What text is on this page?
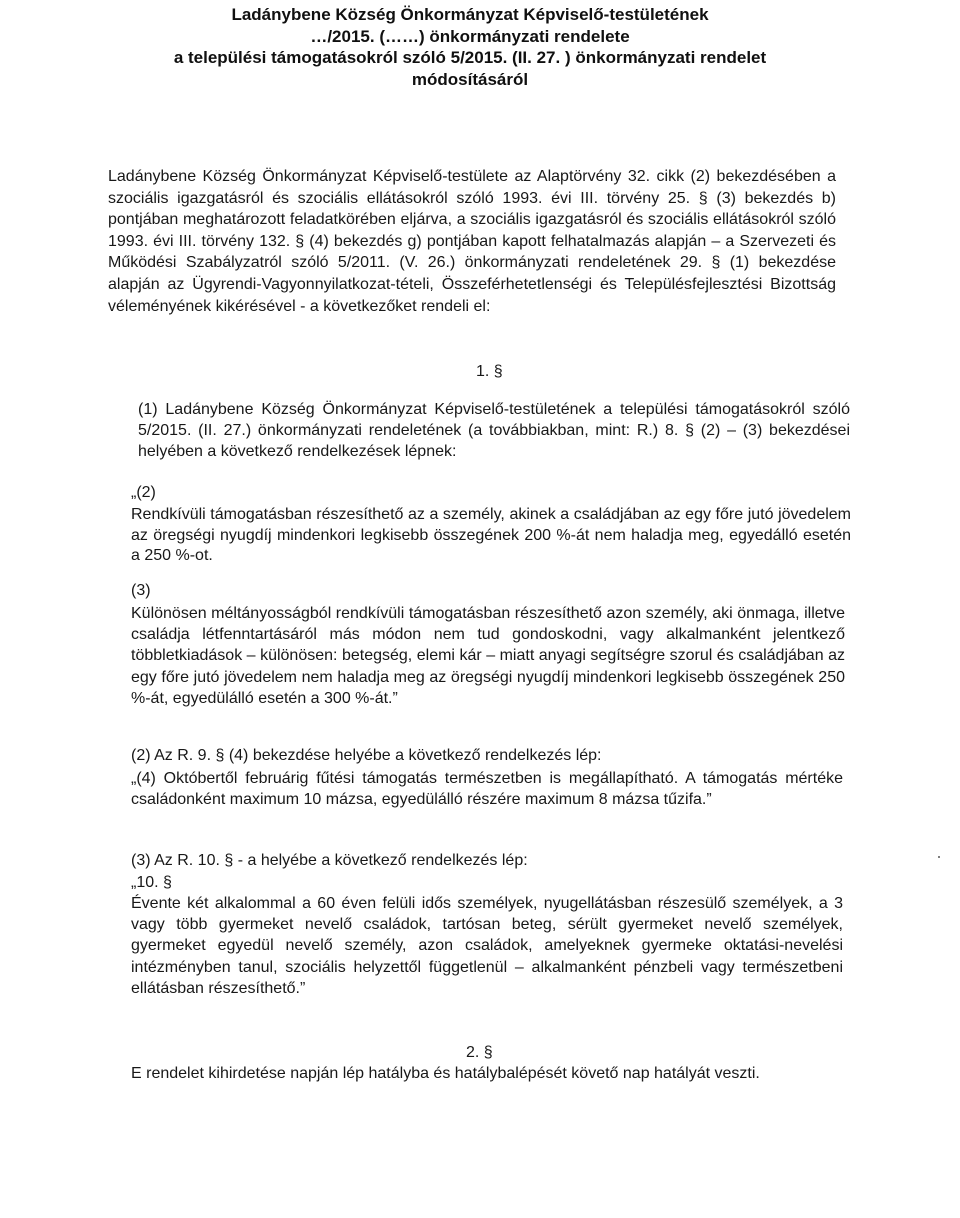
Ladánybene Község Önkormányzat Képviselő-testületének
…/2015. (……) önkormányzati rendelete
a települési támogatásokról szóló 5/2015. (II. 27. ) önkormányzati rendelet
módosításáról
Ladánybene Község Önkormányzat Képviselő-testülete az Alaptörvény 32. cikk (2) bekezdésében a szociális igazgatásról és szociális ellátásokról szóló 1993. évi III. törvény 25. § (3) bekezdés b) pontjában meghatározott feladatkörében eljárva, a szociális igazgatásról és szociális ellátásokról szóló 1993. évi III. törvény 132. § (4) bekezdés g) pontjában kapott felhatalmazás alapján – a Szervezeti és Működési Szabályzatról szóló 5/2011. (V. 26.) önkormányzati rendeletének 29. § (1) bekezdése alapján az Ügyrendi-Vagyonnyilatkozat-tételi, Összeférhetetlenségi és Településfejlesztési Bizottság véleményének kikérésével - a következőket rendeli el:
1. §
(1) Ladánybene Község Önkormányzat Képviselő-testületének a települési támogatásokról szóló 5/2015. (II. 27.) önkormányzati rendeletének (a továbbiakban, mint: R.) 8. § (2) – (3) bekezdései helyében a következő rendelkezések lépnek:
„(2)
Rendkívüli támogatásban részesíthető az a személy, akinek a családjában az egy főre jutó jövedelem az öregségi nyugdíj mindenkori legkisebb összegének 200 %-át nem haladja meg, egyedálló esetén a 250 %-ot.
(3)
Különösen méltányosságból rendkívüli támogatásban részesíthető azon személy, aki önmaga, illetve családja létfenntartásáról más módon nem tud gondoskodni, vagy alkalmanként jelentkező többletkiadások – különösen: betegség, elemi kár – miatt anyagi segítségre szorul és családjában az egy főre jutó jövedelem nem haladja meg az öregségi nyugdíj mindenkori legkisebb összegének 250 %-át, egyedülálló esetén a 300 %-át.”
(2) Az R. 9. § (4) bekezdése helyébe a következő rendelkezés lép:
„(4) Októbertől februárig fűtési támogatás természetben is megállapítható. A támogatás mértéke családonként maximum 10 mázsa, egyedülálló részére maximum 8 mázsa tűzifa.”
(3) Az R. 10. § - a helyébe a következő rendelkezés lép:
„10. §
Évente két alkalommal a 60 éven felüli idős személyek, nyugellátásban részesülő személyek, a 3 vagy több gyermeket nevelő családok, tartósan beteg, sérült gyermeket nevelő személyek, gyermeket egyedül nevelő személy, azon családok, amelyeknek gyermeke oktatási-nevelési intézményben tanul, szociális helyzettől függetlenül – alkalmanként pénzbeli vagy természetbeni ellátásban részesíthető.”
2. §
E rendelet kihirdetése napján lép hatályba és hatálybalépését követő nap hatályát veszti.
